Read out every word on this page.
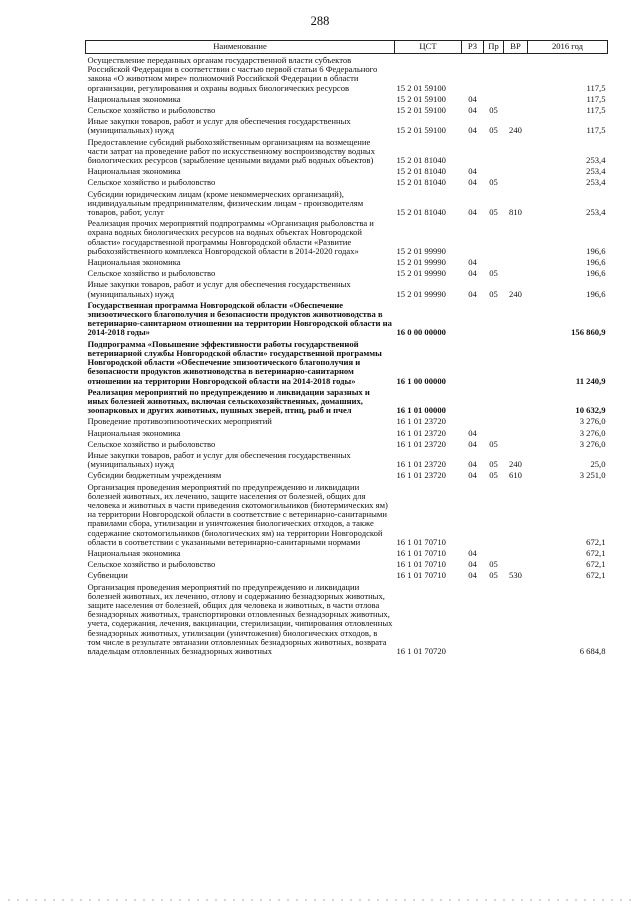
288
Наименование	ЦСТ	РЗ	Пр	ВР	2016 год
Осуществление переданных органам государственной власти субъектов Российской Федерации в соответствии с частью первой статьи 6 Федерального закона «О животном мире» полномочий Российской Федерации в области организации, регулирования и охраны водных биологических ресурсов	15 2 01 59100				117,5
Национальная экономика	15 2 01 59100	04			117,5
Сельское хозяйство и рыболовство	15 2 01 59100	04	05		117,5
Иные закупки товаров, работ и услуг для обеспечения государственных (муниципальных) нужд	15 2 01 59100	04	05	240	117,5
Предоставление субсидий рыбохозяйственным организациям на возмещение части затрат на проведение работ по искусственному воспроизводству водных биологических ресурсов (зарыбление ценными видами рыб водных объектов)	15 2 01 81040				253,4
Национальная экономика	15 2 01 81040	04			253,4
Сельское хозяйство и рыболовство	15 2 01 81040	04	05		253,4
Субсидии юридическим лицам (кроме некоммерческих организаций), индивидуальным предпринимателям, физическим лицам - производителям товаров, работ, услуг	15 2 01 81040	04	05	810	253,4
Реализация прочих мероприятий подпрограммы «Организация рыболовства и охрана водных биологических ресурсов на водных объектах Новгородской области» государственной программы Новгородской области «Развитие рыбохозяйственного комплекса Новгородской области в 2014-2020 годах»	15 2 01 99990				196,6
Национальная экономика	15 2 01 99990	04			196,6
Сельское хозяйство и рыболовство	15 2 01 99990	04	05		196,6
Иные закупки товаров, работ и услуг для обеспечения государственных (муниципальных) нужд	15 2 01 99990	04	05	240	196,6
Государственная программа Новгородской области «Обеспечение эпизоотического благополучия и безопасности продуктов животноводства в ветеринарно-санитарном отношении на территории Новгородской области на 2014-2018 годы»	16 0 00 00000				156 860,9
Подпрограмма «Повышение эффективности работы государственной ветеринарной службы Новгородской области» государственной программы Новгородской области «Обеспечение эпизоотического благополучия и безопасности продуктов животноводства в ветеринарно-санитарном отношении на территории Новгородской области на 2014-2018 годы»	16 1 00 00000				11 240,9
Реализация мероприятий по предупреждению и ликвидации заразных и иных болезней животных, включая сельскохозяйственных, домашних, зоопарковых и других животных, пушных зверей, птиц, рыб и пчел	16 1 01 00000				10 632,9
Проведение противоэпизоотических мероприятий	16 1 01 23720				3 276,0
Национальная экономика	16 1 01 23720	04			3 276,0
Сельское хозяйство и рыболовство	16 1 01 23720	04	05		3 276,0
Иные закупки товаров, работ и услуг для обеспечения государственных (муниципальных) нужд	16 1 01 23720	04	05	240	25,0
Субсидии бюджетным учреждениям	16 1 01 23720	04	05	610	3 251,0
Организация проведения мероприятий по предупреждению и ликвидации болезней животных, их лечению, защите населения от болезней, общих для человека и животных в части приведения скотомогильников (биотермических ям) на территории Новгородской области в соответствие с ветеринарно-санитарными правилами сбора, утилизации и уничтожения биологических отходов, а также содержание скотомогильников (биологических ям) на территории Новгородской области в соответствии с указанными ветеринарно-санитарными нормами	16 1 01 70710				672,1
Национальная экономика	16 1 01 70710	04			672,1
Сельское хозяйство и рыболовство	16 1 01 70710	04	05		672,1
Субвенции	16 1 01 70710	04	05	530	672,1
Организация проведения мероприятий по предупреждению и ликвидации болезней животных, их лечению, отлову и содержанию безнадзорных животных, защите населения от болезней, общих для человека и животных, в части отлова безнадзорных животных, транспортировки отловленных безнадзорных животных, учета, содержания, лечения, вакцинации, стерилизации, чипирования отловленных безнадзорных животных, утилизации (уничтожения) биологических отходов, в том числе в результате эвтаназии отловленных безнадзорных животных, возврата владельцам отловленных безнадзорных животных	16 1 01 70720				6 684,8
